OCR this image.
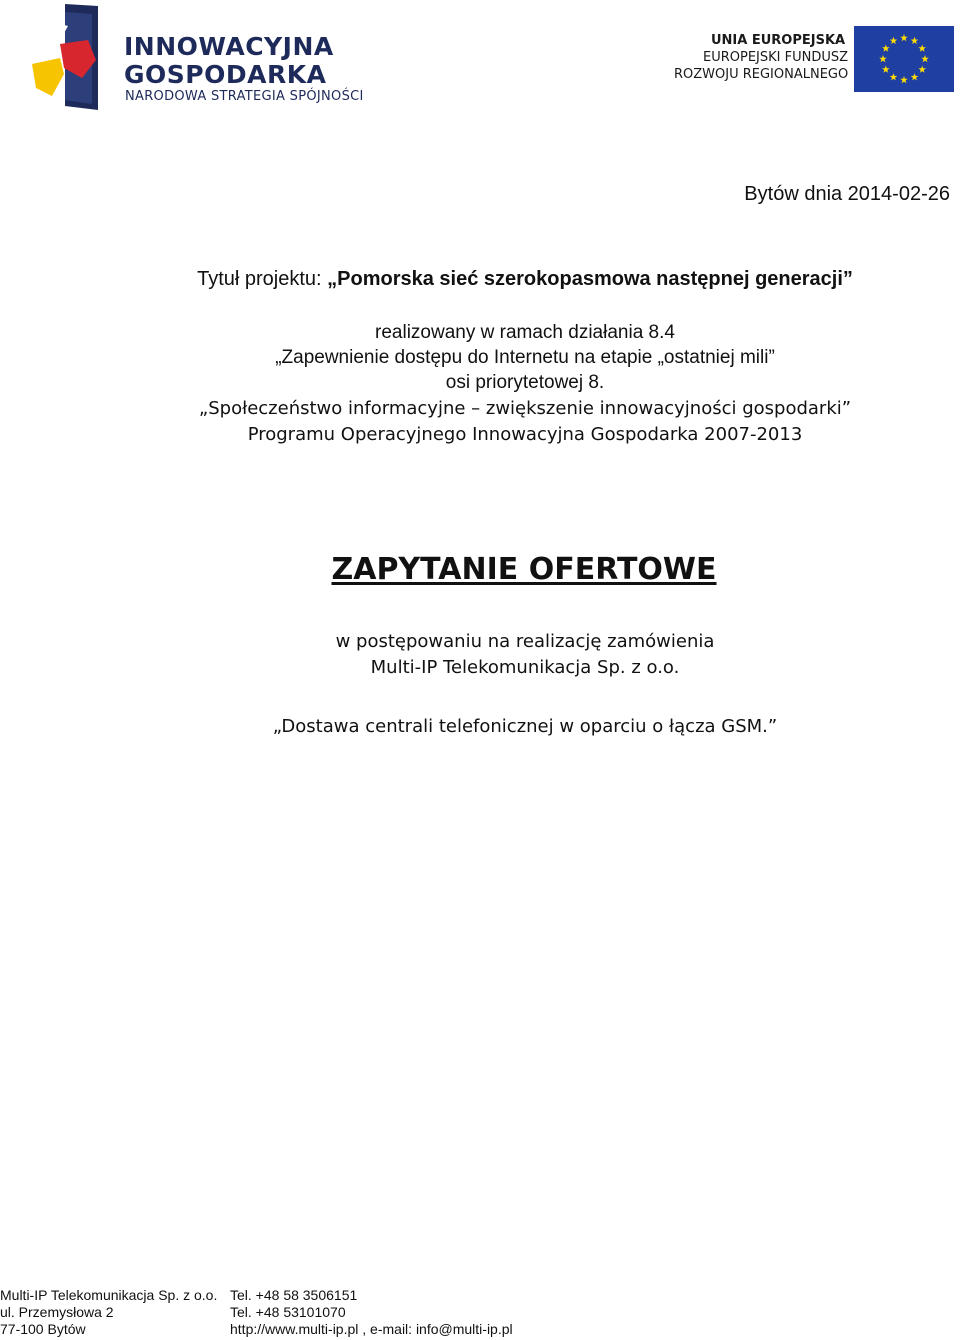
INNOWACYJNA
GOSPODARKA
NARODOWA STRATEGIA SPÓJNOŚCI
UNIA EUROPEJSKA
EUROPEJSKI FUNDUSZ
ROZWOJU REGIONALNEGO
Bytów dnia 2014-02-26
Tytuł projektu: „Pomorska sieć szerokopasmowa następnej generacji”
realizowany w ramach działania 8.4
„Zapewnienie dostępu do Internetu na etapie „ostatniej mili”
osi priorytetowej 8.
„Społeczeństwo informacyjne – zwiększenie innowacyjności gospodarki”
Programu Operacyjnego Innowacyjna Gospodarka 2007-2013
ZAPYTANIE OFERTOWE
w postępowaniu na realizację zamówienia
Multi-IP Telekomunikacja Sp. z o.o.
„Dostawa centrali telefonicznej w oparciu o łącza GSM.”
Multi-IP Telekomunikacja Sp. z o.o.
ul. Przemysłowa 2
77-100 Bytów
Tel. +48 58 3506151
Tel. +48 53101070
http://www.multi-ip.pl , e-mail: info@multi-ip.pl
